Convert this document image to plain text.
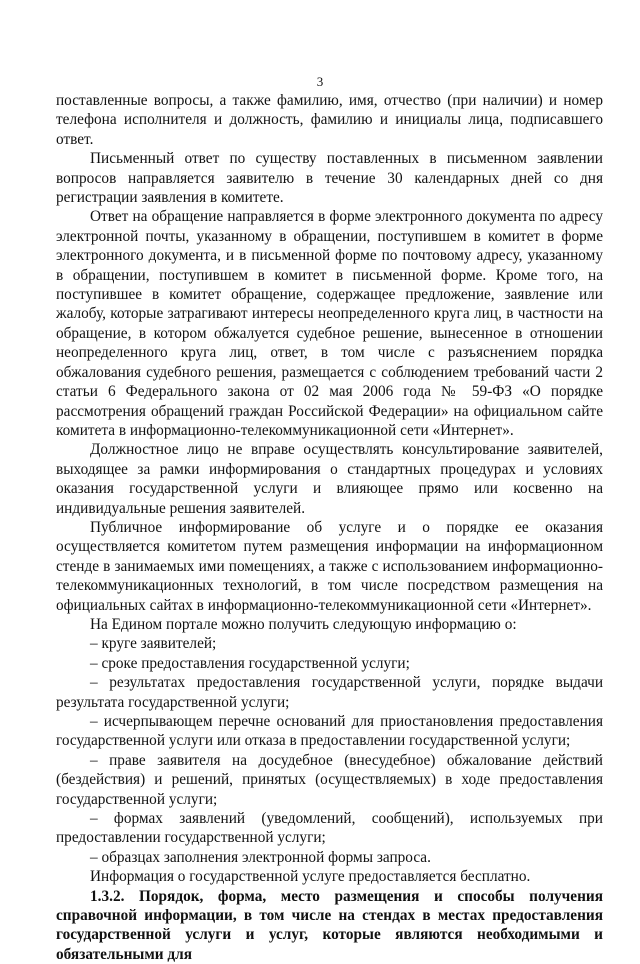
3

поставленные вопросы, а также фамилию, имя, отчество (при наличии) и номер телефона исполнителя и должность, фамилию и инициалы лица, подписавшего ответ.

Письменный ответ по существу поставленных в письменном заявлении вопросов направляется заявителю в течение 30 календарных дней со дня регистрации заявления в комитете.

Ответ на обращение направляется в форме электронного документа по адресу электронной почты, указанному в обращении, поступившем в комитет в форме электронного документа, и в письменной форме по почтовому адресу, указанному в обращении, поступившем в комитет в письменной форме. Кроме того, на поступившее в комитет обращение, содержащее предложение, заявление или жалобу, которые затрагивают интересы неопределенного круга лиц, в частности на обращение, в котором обжалуется судебное решение, вынесенное в отношении неопределенного круга лиц, ответ, в том числе с разъяснением порядка обжалования судебного решения, размещается с соблюдением требований части 2 статьи 6 Федерального закона от 02 мая 2006 года № 59-ФЗ «О порядке рассмотрения обращений граждан Российской Федерации» на официальном сайте комитета в информационно-телекоммуникационной сети «Интернет».

Должностное лицо не вправе осуществлять консультирование заявителей, выходящее за рамки информирования о стандартных процедурах и условиях оказания государственной услуги и влияющее прямо или косвенно на индивидуальные решения заявителей.

Публичное информирование об услуге и о порядке ее оказания осуществляется комитетом путем размещения информации на информационном стенде в занимаемых ими помещениях, а также с использованием информационно-телекоммуникационных технологий, в том числе посредством размещения на официальных сайтах в информационно-телекоммуникационной сети «Интернет».

На Едином портале можно получить следующую информацию о:

– круге заявителей;

– сроке предоставления государственной услуги;

– результатах предоставления государственной услуги, порядке выдачи результата государственной услуги;

– исчерпывающем перечне оснований для приостановления предоставления государственной услуги или отказа в предоставлении государственной услуги;

– праве заявителя на досудебное (внесудебное) обжалование действий (бездействия) и решений, принятых (осуществляемых) в ходе предоставления государственной услуги;

– формах заявлений (уведомлений, сообщений), используемых при предоставлении государственной услуги;

– образцах заполнения электронной формы запроса.

Информация о государственной услуге предоставляется бесплатно.

1.3.2. Порядок, форма, место размещения и способы получения справочной информации, в том числе на стендах в местах предоставления государственной услуги и услуг, которые являются необходимыми и обязательными для
